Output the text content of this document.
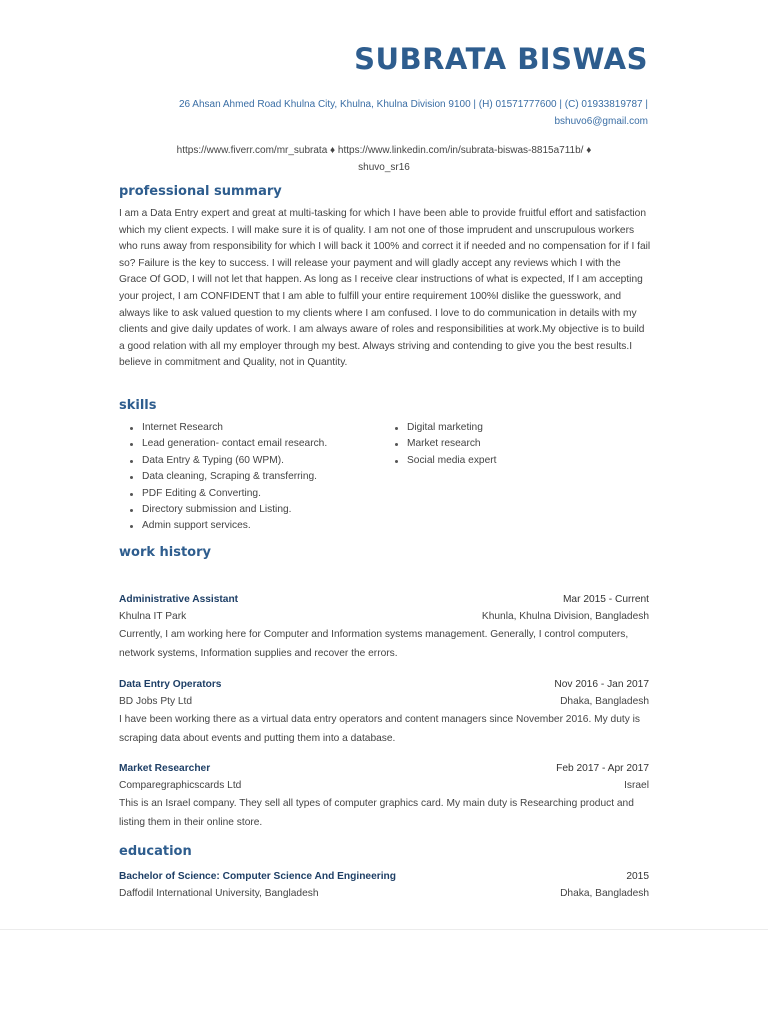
SUBRATA BISWAS
26 Ahsan Ahmed Road Khulna City, Khulna, Khulna Division 9100 | (H) 01571777600 | (C) 01933819787 |
bshuvo6@gmail.com
https://www.fiverr.com/mr_subrata ♦ https://www.linkedin.com/in/subrata-biswas-8815a711b/ ♦
shuvo_sr16
professional summary
I am a Data Entry expert and great at multi-tasking for which I have been able to provide fruitful effort and satisfaction which my client expects. I will make sure it is of quality. I am not one of those imprudent and unscrupulous workers who runs away from responsibility for which I will back it 100% and correct it if needed and no compensation for if I fail so? Failure is the key to success. I will release your payment and will gladly accept any reviews which I with the Grace Of GOD, I will not let that happen. As long as I receive clear instructions of what is expected, If I am accepting your project, I am CONFIDENT that I am able to fulfill your entire requirement 100%I dislike the guesswork, and always like to ask valued question to my clients where I am confused. I love to do communication in details with my clients and give daily updates of work. I am always aware of roles and responsibilities at work.My objective is to build a good relation with all my employer through my best. Always striving and contending to give you the best results.I believe in commitment and Quality, not in Quantity.
skills
Internet Research
Lead generation- contact email research.
Data Entry & Typing (60 WPM).
Data cleaning, Scraping & transferring.
PDF Editing & Converting.
Directory submission and Listing.
Admin support services.
Digital marketing
Market research
Social media expert
work history
Administrative Assistant	Mar 2015 - Current
Khulna IT Park	Khunla, Khulna Division, Bangladesh
Currently, I am working here for Computer and Information systems management. Generally, I control computers, network systems, Information supplies and recover the errors.
Data Entry Operators	Nov 2016 - Jan 2017
BD Jobs Pty Ltd	Dhaka, Bangladesh
I have been working there as a virtual data entry operators and content managers since November 2016. My duty is scraping data about events and putting them into a database.
Market Researcher	Feb 2017 - Apr 2017
Comparegraphicscards Ltd	Israel
This is an Israel company. They sell all types of computer graphics card. My main duty is Researching product and listing them in their online store.
education
Bachelor of Science: Computer Science And Engineering	2015
Daffodil International University, Bangladesh	Dhaka, Bangladesh
